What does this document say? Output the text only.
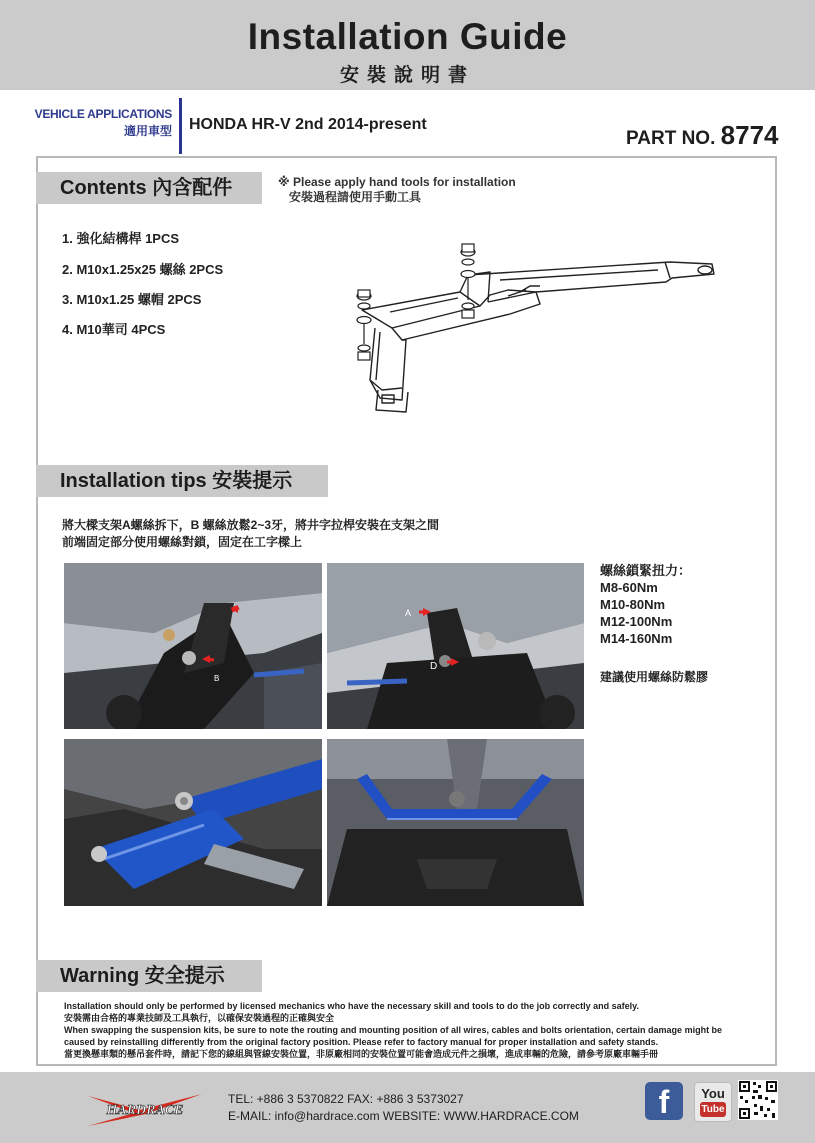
Installation Guide
安裝說明書
VEHICLE APPLICATIONS
適用車型 HONDA HR-V 2nd 2014-present
PART NO. 8774
Contents 內含配件	※ Please apply hand tools for installation
安裝過程請使用手動工具
1. 強化結構桿 1PCS
2. M10x1.25x25 螺絲 2PCS
3. M10x1.25 螺帽 2PCS
4. M10華司 4PCS
Installation tips 安裝提示
將大樑支架A螺絲拆下，B 螺絲放鬆2~3牙，將井字拉桿安裝在支架之間
前端固定部分使用螺絲對鎖，固定在工字樑上
B
A
D
螺絲鎖緊扭力：
M8-60Nm
M10-80Nm
M12-100Nm
M14-160Nm
建議使用螺絲防鬆膠
Warning 安全提示
Installation should only be performed by licensed mechanics who have the necessary skill and tools to do the job correctly and safely.
安裝需由合格的專業技師及工具執行，以確保安裝過程的正確與安全
When swapping the suspension kits, be sure to note the routing and mounting position of all wires, cables and bolts orientation, certain damage might be
caused by reinstalling differently from the original factory position. Please refer to factory manual for proper installation and safety stands.
當更換懸車類的懸吊套件時，請記下您的線組與管線安裝位置，非原廠相同的安裝位置可能會造成元件之損壞，進成車輛的危險，請參考原廠車輛手冊
HARDRACE
TEL: +886 3 5370822 FAX: +886 3 5373027
E-MAIL: info@hardrace.com WEBSITE: WWW.HARDRACE.COM	f	You
Tube
